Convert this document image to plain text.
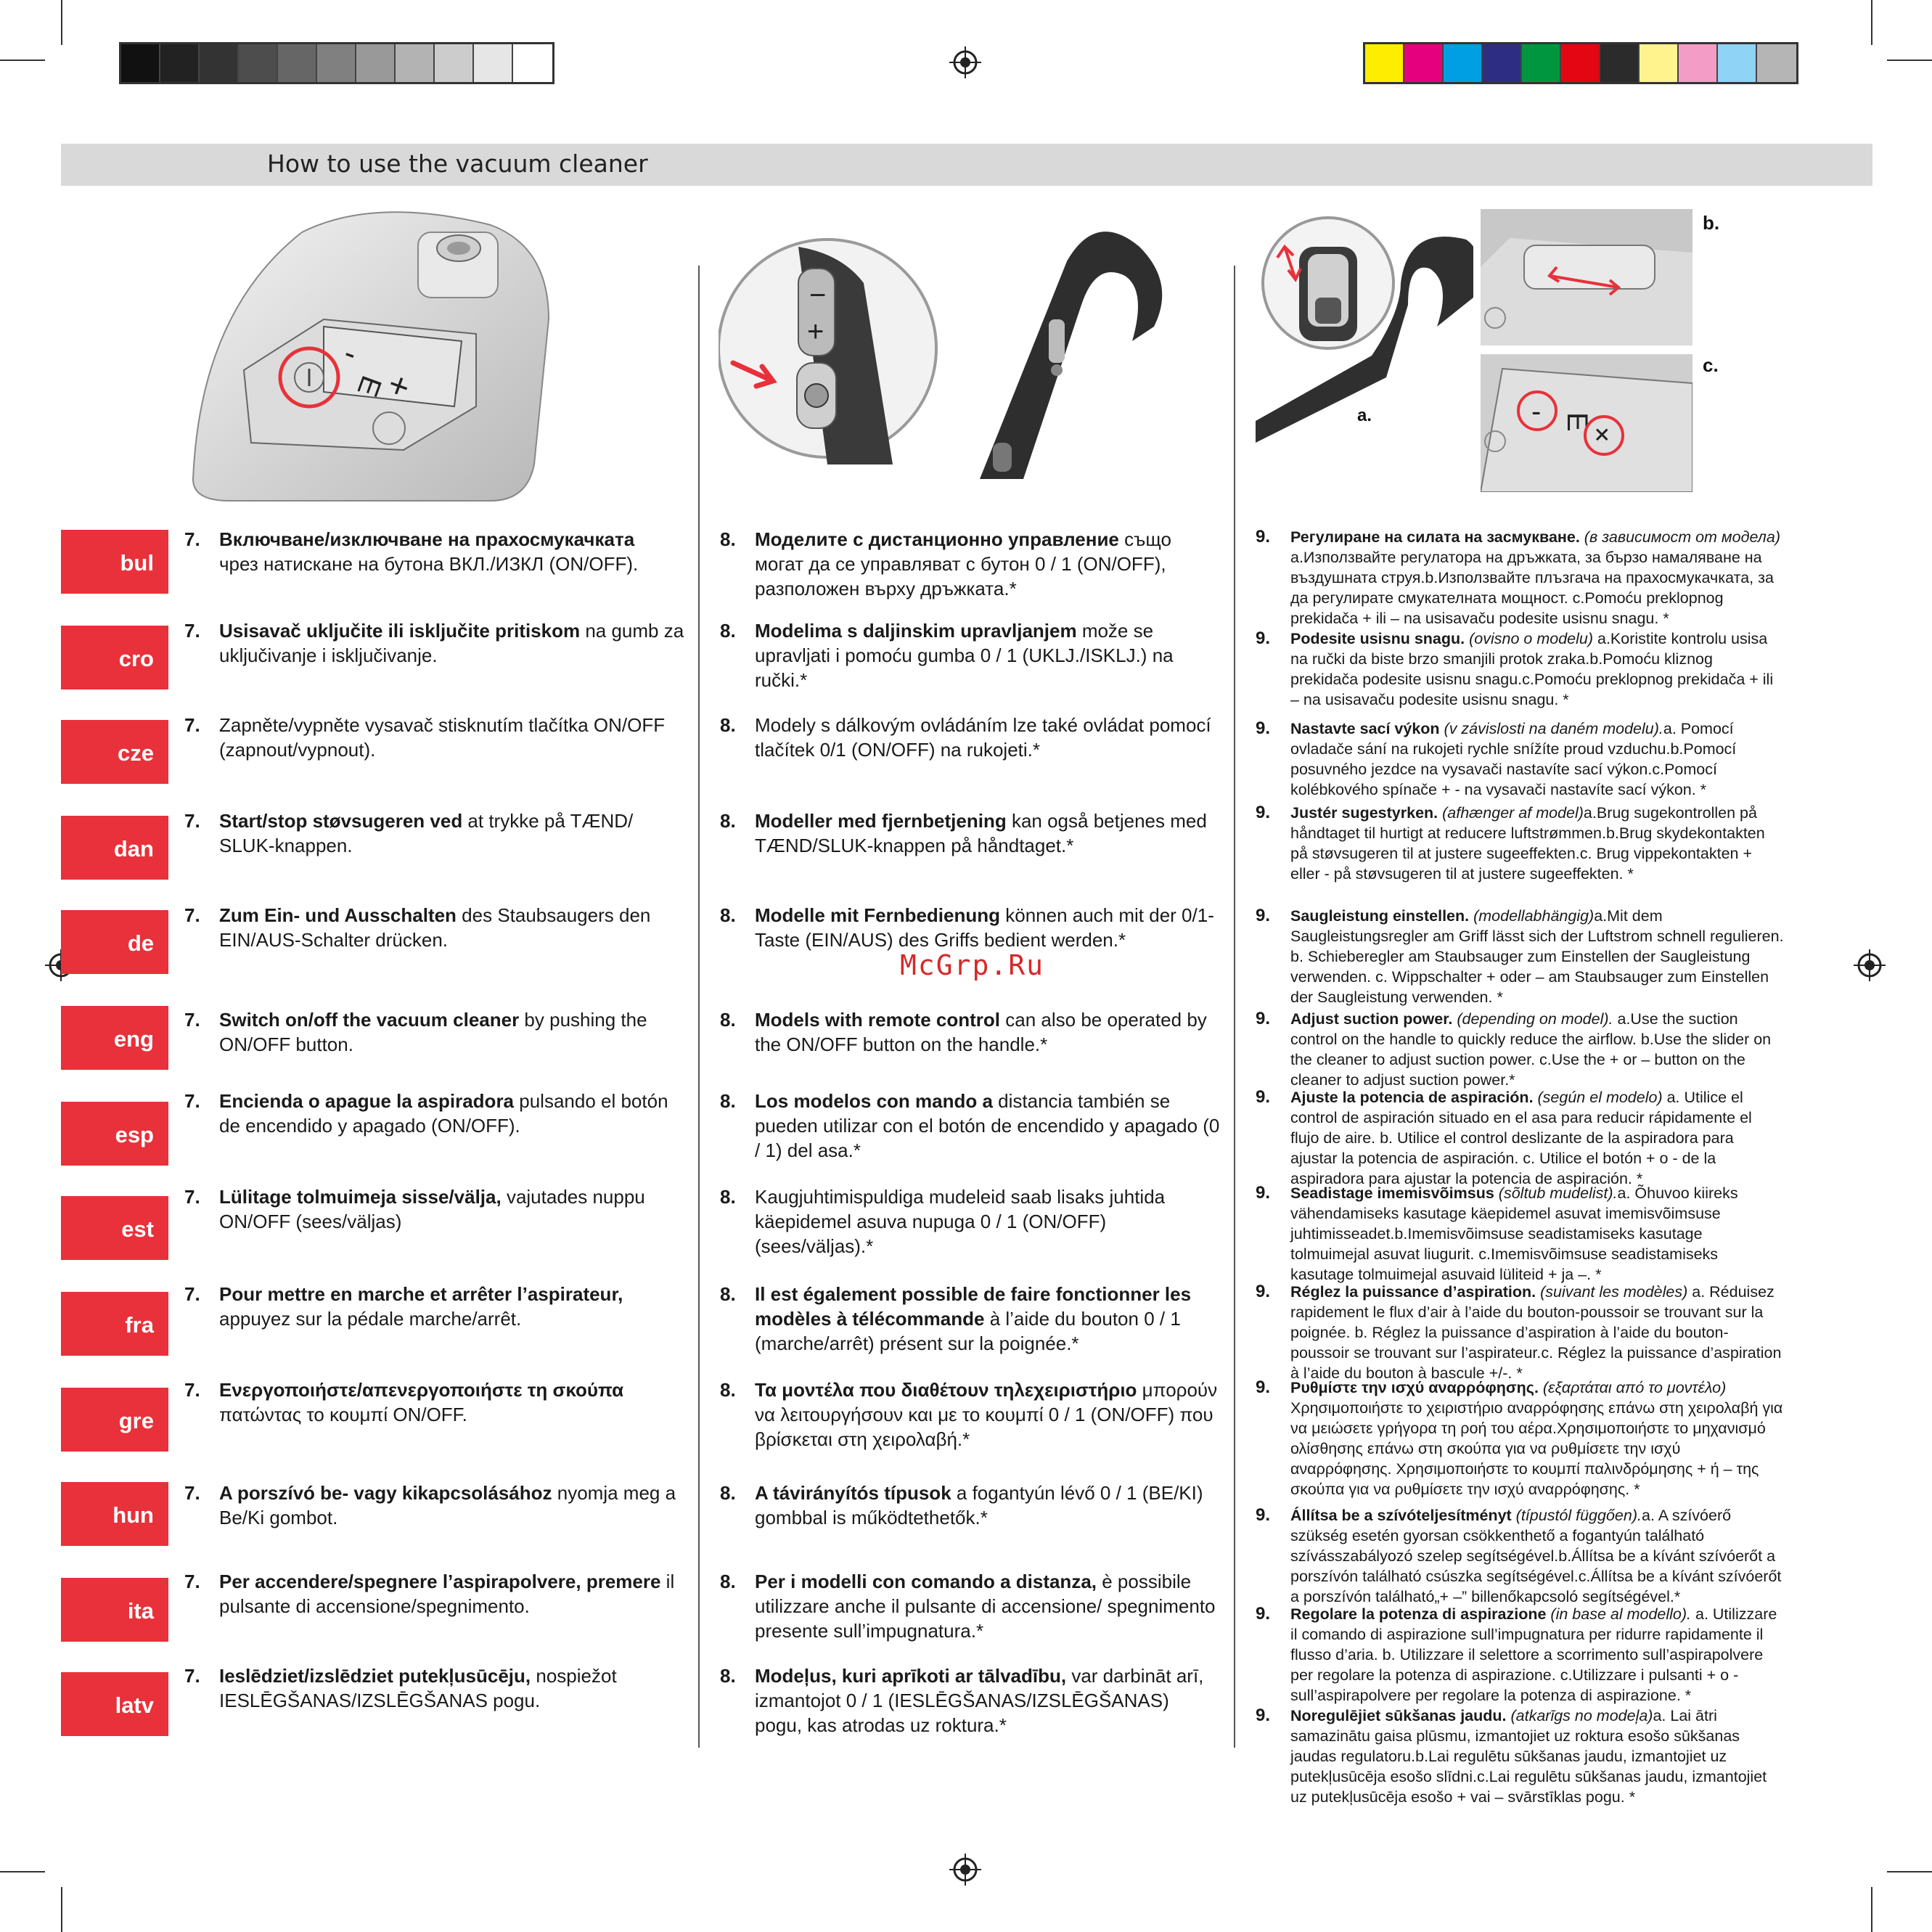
How to use the vacuum cleaner
-
E
+
−
+
a.
b.
- E
+
c.
McGrp.Ru
bul
cro
cze
dan
de
eng
esp
est
fra
gre
hun
ita
latv
7. Включване/изключване на прахосмукачката
чрез натискане на бутона ВКЛ./ИЗКЛ (ON/OFF).
7. Usisavač uključite ili isključite pritiskom na gumb za uključivanje i isključivanje.
7. Zapněte/vypněte vysavač stisknutím tlačítka ON/OFF (zapnout/vypnout).
7. Start/stop støvsugeren ved at trykke på TÆND/ SLUK-knappen.
7. Zum Ein- und Ausschalten des Staubsaugers den EIN/AUS-Schalter drücken.
7. Switch on/off the vacuum cleaner by pushing the ON/OFF button.
7. Encienda o apague la aspiradora pulsando el botón de encendido y apagado (ON/OFF).
7. Lülitage tolmuimeja sisse/välja, vajutades nuppu ON/OFF (sees/väljas)
7. Pour mettre en marche et arrêter l’aspirateur, appuyez sur la pédale marche/arrêt.
7. Ενεργοποιήστε/απενεργοποιήστε τη σκούπα πατώντας το κουμπί ON/OFF.
7. A porszívó be- vagy kikapcsolásához nyomja meg a Be/Ki gombot.
7. Per accendere/spegnere l’aspirapolvere, premere il pulsante di accensione/spegnimento.
7. Ieslēdziet/izslēdziet putekļusūcēju, nospiežot IESLĒGŠANAS/IZSLĒGŠANAS pogu.
8. Моделите с дистанционно управление също могат да се управляват с бутон 0 / 1 (ON/OFF), разположен върху дръжката.*
8. Modelima s daljinskim upravljanjem može se upravljati i pomoću gumba 0 / 1 (UKLJ./ISKLJ.) na ručki.*
8. Modely s dálkovým ovládáním lze také ovládat pomocí tlačítek 0/1 (ON/OFF) na rukojeti.*
8. Modeller med fjernbetjening kan også betjenes med TÆND/SLUK-knappen på håndtaget.*
8. Modelle mit Fernbedienung können auch mit der 0/1-Taste (EIN/AUS) des Griffs bedient werden.*
8. Models with remote control can also be operated by the ON/OFF button on the handle.*
8. Los modelos con mando a distancia también se pueden utilizar con el botón de encendido y apagado (0 / 1) del asa.*
8. Kaugjuhtimispuldiga mudeleid saab lisaks juhtida käepidemel asuva nupuga 0 / 1 (ON/OFF) (sees/väljas).*
8. Il est également possible de faire fonctionner les modèles à télécommande à l’aide du bouton 0 / 1 (marche/arrêt) présent sur la poignée.*
8. Τα μοντέλα που διαθέτουν τηλεχειριστήριο μπορούν να λειτουργήσουν και με το κουμπί 0 / 1 (ON/OFF) που βρίσκεται στη χειρολαβή.*
8. A távirányítós típusok a fogantyún lévő 0 / 1 (BE/KI) gombbal is működtethetők.*
8. Per i modelli con comando a distanza, è possibile utilizzare anche il pulsante di accensione/ spegnimento presente sull’impugnatura.*
8. Modeļus, kuri aprīkoti ar tālvadību, var darbināt arī, izmantojot 0 / 1 (IESLĒGŠANAS/IZSLĒGŠANAS) pogu, kas atrodas uz roktura.*
9. Регулиране на силата на засмукване. (в зависимост от модела) a.Използвайте регулатора на дръжката, за бързо намаляване на въздушната струя.b.Използвайте плъзгача на прахосмукачката, за да регулирате смукателната мощност. c.Pomoću preklopnog prekidača + ili – na usisavaču podesite usisnu snagu. *
9. Podesite usisnu snagu. (ovisno o modelu) a.Koristite kontrolu usisa na ručki da biste brzo smanjili protok zraka.b.Pomoću kliznog prekidača podesite usisnu snagu.c.Pomoću preklopnog prekidača + ili – na usisavaču podesite usisnu snagu. *
9. Nastavte sací výkon (v závislosti na daném modelu).a. Pomocí ovladače sání na rukojeti rychle snížíte proud vzduchu.b.Pomocí posuvného jezdce na vysavači nastavíte sací výkon.c.Pomocí kolébkového spínače + - na vysavači nastavíte sací výkon. *
9. Justér sugestyrken. (afhænger af model)a.Brug sugekontrollen på håndtaget til hurtigt at reducere luftstrømmen.b.Brug skydekontakten på støvsugeren til at justere sugeeffekten.c. Brug vippekontakten + eller - på støvsugeren til at justere sugeeffekten. *
9. Saugleistung einstellen. (modellabhängig)a.Mit dem Saugleistungsregler am Griff lässt sich der Luftstrom schnell regulieren. b. Schieberegler am Staubsauger zum Einstellen der Saugleistung verwenden. c. Wippschalter + oder – am Staubsauger zum Einstellen der Saugleistung verwenden. *
9. Adjust suction power. (depending on model). a.Use the suction control on the handle to quickly reduce the airflow. b.Use the slider on the cleaner to adjust suction power. c.Use the + or – button on the cleaner to adjust suction power.*
9. Ajuste la potencia de aspiración. (según el modelo) a. Utilice el control de aspiración situado en el asa para reducir rápidamente el flujo de aire. b. Utilice el control deslizante de la aspiradora para ajustar la potencia de aspiración. c. Utilice el botón + o - de la aspiradora para ajustar la potencia de aspiración. *
9. Seadistage imemisvõimsus (sõltub mudelist).a. Õhuvoo kiireks vähendamiseks kasutage käepidemel asuvat imemisvõimsuse juhtimisseadet.b.Imemisvõimsuse seadistamiseks kasutage tolmuimejal asuvat liugurit. c.Imemisvõimsuse seadistamiseks kasutage tolmuimejal asuvaid lüliteid + ja –. *
9. Réglez la puissance d’aspiration. (suivant les modèles) a. Réduisez rapidement le flux d’air à l’aide du bouton-poussoir se trouvant sur la poignée. b. Réglez la puissance d’aspiration à l’aide du bouton-poussoir se trouvant sur l’aspirateur.c. Réglez la puissance d’aspiration à l’aide du bouton à bascule +/-. *
9. Ρυθμίστε την ισχύ αναρρόφησης. (εξαρτάται από το μοντέλο) Χρησιμοποιήστε το χειριστήριο αναρρόφησης επάνω στη χειρολαβή για να μειώσετε γρήγορα τη ροή του αέρα.Χρησιμοποιήστε το μηχανισμό ολίσθησης επάνω στη σκούπα για να ρυθμίσετε την ισχύ αναρρόφησης. Χρησιμοποιήστε το κουμπί παλινδρόμησης + ή – της σκούπα για να ρυθμίσετε την ισχύ αναρρόφησης. *
9. Állítsa be a szívóteljesítményt (típustól függően).a. A szívóerő szükség esetén gyorsan csökkenthető a fogantyún található szívásszabályozó szelep segítségével.b.Állítsa be a kívánt szívóerőt a porszívón található csúszka segítségével.c.Állítsa be a kívánt szívóerőt a porszívón található„+ –” billenőkapcsoló segítségével.*
9. Regolare la potenza di aspirazione (in base al modello). a. Utilizzare il comando di aspirazione sull’impugnatura per ridurre rapidamente il flusso d’aria. b. Utilizzare il selettore a scorrimento sull’aspirapolvere per regolare la potenza di aspirazione. c.Utilizzare i pulsanti + o - sull’aspirapolvere per regolare la potenza di aspirazione. *
9. Noregulējiet sūkšanas jaudu. (atkarīgs no modeļa)a. Lai ātri samazinātu gaisa plūsmu, izmantojiet uz roktura esošo sūkšanas jaudas regulatoru.b.Lai regulētu sūkšanas jaudu, izmantojiet uz putekļusūcēja esošo slīdni.c.Lai regulētu sūkšanas jaudu, izmantojiet uz putekļusūcēja esošo + vai – svārstīklas pogu. *
